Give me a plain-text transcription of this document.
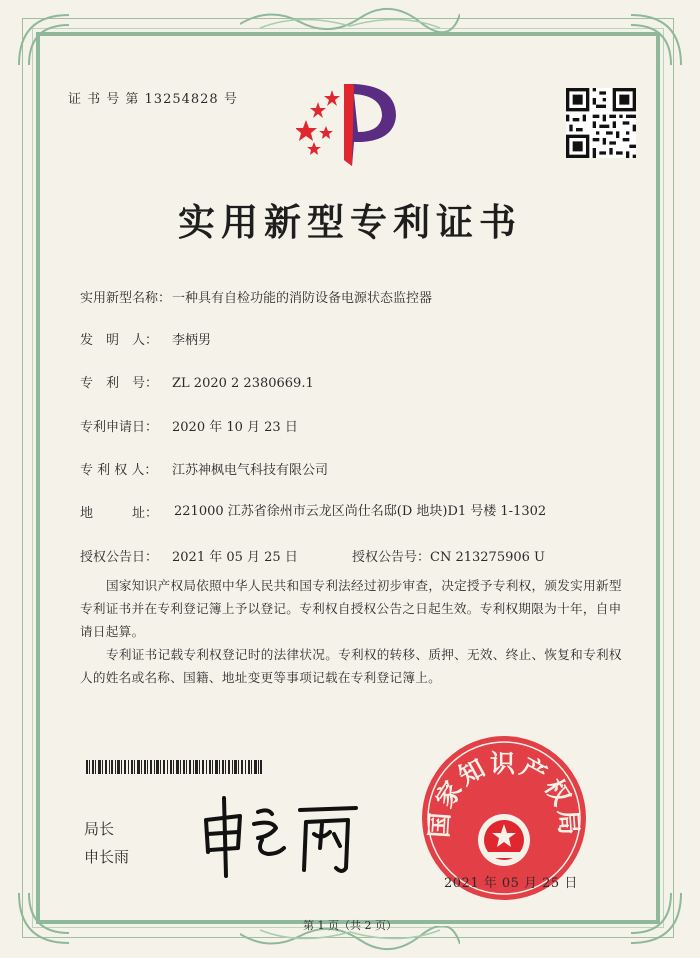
证 书 号 第 13254828 号
实用新型专利证书
实用新型名称：一种具有自检功能的消防设备电源状态监控器
发　明　人： 李柄男
专　利　号： ZL 2020 2 2380669.1
专利申请日： 2020 年 10 月 23 日
专 利 权 人： 江苏神枫电气科技有限公司
地　　　址：	221000 江苏省徐州市云龙区尚仕名邸(D 地块)D1 号楼 1-1302
授权公告日： 2021 年 05 月 25 日	授权公告号：CN 213275906 U
国家知识产权局依照中华人民共和国专利法经过初步审查，决定授予专利权，颁发实用新型专利证书并在专利登记簿上予以登记。专利权自授权公告之日起生效。专利权期限为十年，自申请日起算。
专利证书记载专利权登记时的法律状况。专利权的转移、质押、无效、终止、恢复和专利权人的姓名或名称、国籍、地址变更等事项记载在专利登记簿上。
局长
申长雨
国家知识产权局
2021 年 05 月 25 日
第 1 页（共 2 页）
